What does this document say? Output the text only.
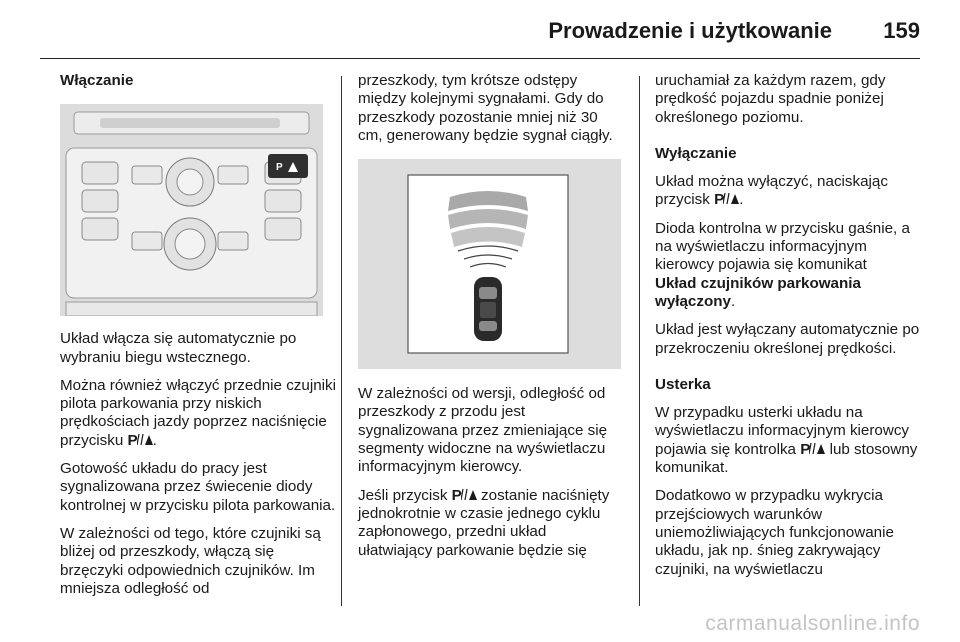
Prowadzenie i użytkowanie 159

Włączanie

P

Układ włącza się automatycznie po wybraniu biegu wstecznego.

Można również włączyć przednie czujniki pilota parkowania przy niskich prędkościach jazdy poprzez naciśnięcie przycisku P .

Gotowość układu do pracy jest sygnalizowana przez świecenie diody kontrolnej w przycisku pilota parkowania.

W zależności od tego, które czujniki są bliżej od przeszkody, włączą się brzęczyki odpowiednich czujników. Im mniejsza odległość od

przeszkody, tym krótsze odstępy między kolejnymi sygnałami. Gdy do przeszkody pozostanie mniej niż 30 cm, generowany będzie sygnał ciągły.

W zależności od wersji, odległość od przeszkody z przodu jest sygnalizowana przez zmieniające się segmenty widoczne na wyświetlaczu informacyjnym kierowcy.

Jeśli przycisk P zostanie naciśnięty jednokrotnie w czasie jednego cyklu zapłonowego, przedni układ ułatwiający parkowanie będzie się

uruchamiał za każdym razem, gdy prędkość pojazdu spadnie poniżej określonego poziomu.

Wyłączanie

Układ można wyłączyć, naciskając przycisk P .

Dioda kontrolna w przycisku gaśnie, a na wyświetlaczu informacyjnym kierowcy pojawia się komunikat
Układ czujników parkowania wyłączony.

Układ jest wyłączany automatycznie po przekroczeniu określonej prędkości.

Usterka

W przypadku usterki układu na wyświetlaczu informacyjnym kierowcy pojawia się kontrolka P lub stosowny komunikat.

Dodatkowo w przypadku wykrycia przejściowych warunków uniemożliwiających funkcjonowanie układu, jak np. śnieg zakrywający czujniki, na wyświetlaczu

carmanualsonline.info
